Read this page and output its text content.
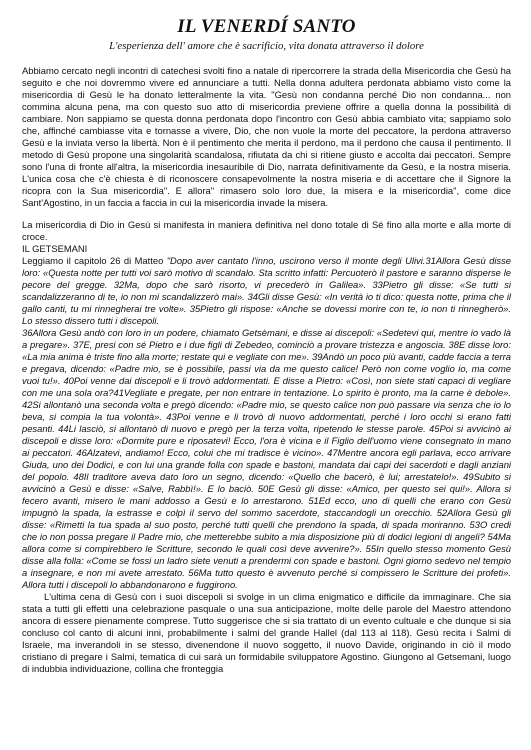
IL VENERDÍ SANTO
L'esperienza dell' amore che è sacrificio, vita donata attraverso il dolore

Abbiamo cercato negli incontri di catechesi svolti fino a natale di ripercorrere la strada della Misericordia che Gesù ha seguito e che noi dovremmo vivere ed annunciare a tutti. Nella donna adultera perdonata abbiamo visto come la misericordia di Gesù le ha donato letteralmente la vita. "Gesù non condanna perché Dio non condanna... non commina alcuna pena, ma con questo suo atto di misericordia previene offrire a quella donna la possibilità di cambiare. Non sappiamo se questa donna perdonata dopo l'incontro con Gesù abbia cambiato vita; sappiamo solo che, affinché cambiasse vita e tornasse a vivere, Dio, che non vuole la morte del peccatore, la perdona attraverso Gesù e la inviata verso la libertà. Non è il pentimento che merita il perdono, ma il perdono che causa il pentimento. Il metodo di Gesù propone una singolarità scandalosa, rifiutata da chi si ritiene giusto e accolta dai peccatori. Sempre sono l'una di fronte all'altra, la misericordia inesauribile di Dio, narrata definitivamente da Gesù, e la nostra miseria. L'unica cosa che c'è chiesta è di riconoscere consapevolmente la nostra miseria e di accettare che il Signore la ricopra con la Sua misericordia". E allora" rimasero solo loro due, la misera e la misericordia", come dice Sant'Agostino, in un faccia a faccia in cui la misericordia invade la misera.

La misericordia di Dio in Gesù si manifesta in maniera definitiva nel dono totale di Sé fino alla morte e alla morte di croce.

IL GETSEMANI

Leggiamo il capitolo 26 di Matteo "Dopo aver cantato l'inno, uscirono verso il monte degli Ulivi.31Allora Gesù disse loro: «Questa notte per tutti voi sarò motivo di scandalo. Sta scritto infatti: Percuoterò il pastore e saranno disperse le pecore del gregge. 32Ma, dopo che sarò risorto, vi precederò in Galilea». 33Pietro gli disse: «Se tutti si scandalizzeranno di te, io non mi scandalizzerò mai». 34Gli disse Gesù: «In verità io ti dico: questa notte, prima che il gallo canti, tu mi rinnegherai tre volte». 35Pietro gli rispose: «Anche se dovessi morire con te, io non ti rinnegherò». Lo stesso dissero tutti i discepoli.

36Allora Gesù andò con loro in un podere, chiamato Getsèmani, e disse ai discepoli: «Sedetevi qui, mentre io vado là a pregare». 37E, presi con sé Pietro e i due figli di Zebedeo, cominciò a provare tristezza e angoscia. 38E disse loro: «La mia anima è triste fino alla morte; restate qui e vegliate con me». 39Andò un poco più avanti, cadde faccia a terra e pregava, dicendo: «Padre mio, se è possibile, passi via da me questo calice! Però non come voglio io, ma come vuoi tu!». 40Poi venne dai discepoli e li trovò addormentati. E disse a Pietro: «Così, non siete stati capaci di vegliare con me una sola ora?41Vegliate e pregate, per non entrare in tentazione. Lo spirito è pronto, ma la carne è debole». 42Si allontanò una seconda volta e pregò dicendo: «Padre mio, se questo calice non può passare via senza che io lo beva, si compia la tua volontà». 43Poi venne e li trovò di nuovo addormentati, perché i loro occhi si erano fatti pesanti. 44Li lasciò, si allontanò di nuovo e pregò per la terza volta, ripetendo le stesse parole. 45Poi si avvicinò ai discepoli e disse loro: «Dormite pure e riposatevi! Ecco, l'ora è vicina e il Figlio dell'uomo viene consegnato in mano ai peccatori. 46Alzatevi, andiamo! Ecco, colui che mi tradisce è vicino». 47Mentre ancora egli parlava, ecco arrivare Giuda, uno dei Dodici, e con lui una grande folla con spade e bastoni, mandata dai capi dei sacerdoti e dagli anziani del popolo. 48Il traditore aveva dato loro un segno, dicendo: «Quello che bacerò, è lui; arrestatelo!». 49Subito si avvicinò a Gesù e disse: «Salve, Rabbì!». E lo baciò. 50E Gesù gli disse: «Amico, per questo sei qui!». Allora si fecero avanti, misero le mani addosso a Gesù e lo arrestarono. 51Ed ecco, uno di quelli che erano con Gesù impugnò la spada, la estrasse e colpì il servo del sommo sacerdote, staccandogli un orecchio. 52Allora Gesù gli disse: «Rimetti la tua spada al suo posto, perché tutti quelli che prendono la spada, di spada moriranno. 53O credi che io non possa pregare il Padre mio, che metterebbe subito a mia disposizione più di dodici legioni di angeli? 54Ma allora come si compirebbero le Scritture, secondo le quali così deve avvenire?». 55In quello stesso momento Gesù disse alla folla: «Come se fossi un ladro siete venuti a prendermi con spade e bastoni. Ogni giorno sedevo nel tempio a insegnare, e non mi avete arrestato. 56Ma tutto questo è avvenuto perché si compissero le Scritture dei profeti». Allora tutti i discepoli lo abbandonarono e fuggirono.

L'ultima cena di Gesù con i suoi discepoli si svolge in un clima enigmatico e difficile da immaginare. Che sia stata a tutti gli effetti una celebrazione pasquale o una sua anticipazione, molte delle parole del Maestro attendono ancora di essere pienamente comprese. Tutto suggerisce che si sia trattato di un evento cultuale e che dunque si sia concluso col canto di alcuni inni, probabilmente i salmi del grande Hallel (dal 113 al 118). Gesù recita i Salmi di Israele, ma inverandoli in se stesso, divenendone il nuovo soggetto, il nuovo Davide, originando in ciò il modo cristiano di pregare i Salmi, tematica di cui sarà un formidabile sviluppatore Agostino. Giungono al Getsemani, luogo di indubbia individuazione, collina che fronteggia
